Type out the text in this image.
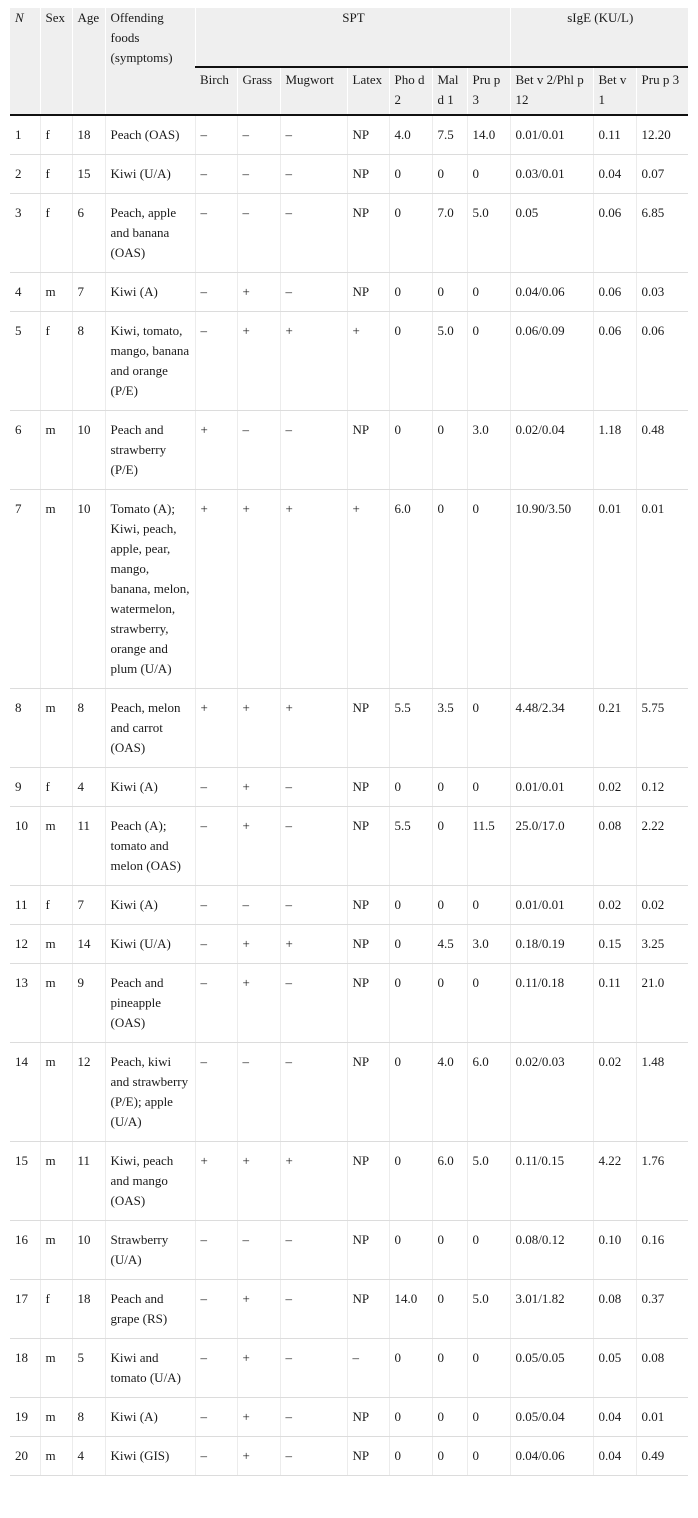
N	Sex	Age	Offending foods (symptoms)	SPT							sIgE (KU/L)		
				Birch	Grass	Mugwort	Latex	Pho d 2	Mal d 1	Pru p 3	Bet v 2/Phl p 12	Bet v 1	Pru p 3
1	f	18	Peach (OAS)	–	–	–	NP	4.0	7.5	14.0	0.01/0.01	0.11	12.20
2	f	15	Kiwi (U/A)	–	–	–	NP	0	0	0	0.03/0.01	0.04	0.07
3	f	6	Peach, apple and banana (OAS)	–	–	–	NP	0	7.0	5.0	0.05	0.06	6.85
4	m	7	Kiwi (A)	–	+	–	NP	0	0	0	0.04/0.06	0.06	0.03
5	f	8	Kiwi, tomato, mango, banana and orange (P/E)	–	+	+	+	0	5.0	0	0.06/0.09	0.06	0.06
6	m	10	Peach and strawberry (P/E)	+	–	–	NP	0	0	3.0	0.02/0.04	1.18	0.48
7	m	10	Tomato (A); Kiwi, peach, apple, pear, mango, banana, melon, watermelon, strawberry, orange and plum (U/A)	+	+	+	+	6.0	0	0	10.90/3.50	0.01	0.01
8	m	8	Peach, melon and carrot (OAS)	+	+	+	NP	5.5	3.5	0	4.48/2.34	0.21	5.75
9	f	4	Kiwi (A)	–	+	–	NP	0	0	0	0.01/0.01	0.02	0.12
10	m	11	Peach (A); tomato and melon (OAS)	–	+	–	NP	5.5	0	11.5	25.0/17.0	0.08	2.22
11	f	7	Kiwi (A)	–	–	–	NP	0	0	0	0.01/0.01	0.02	0.02
12	m	14	Kiwi (U/A)	–	+	+	NP	0	4.5	3.0	0.18/0.19	0.15	3.25
13	m	9	Peach and pineapple (OAS)	–	+	–	NP	0	0	0	0.11/0.18	0.11	21.0
14	m	12	Peach, kiwi and strawberry (P/E); apple (U/A)	–	–	–	NP	0	4.0	6.0	0.02/0.03	0.02	1.48
15	m	11	Kiwi, peach and mango (OAS)	+	+	+	NP	0	6.0	5.0	0.11/0.15	4.22	1.76
16	m	10	Strawberry (U/A)	–	–	–	NP	0	0	0	0.08/0.12	0.10	0.16
17	f	18	Peach and grape (RS)	–	+	–	NP	14.0	0	5.0	3.01/1.82	0.08	0.37
18	m	5	Kiwi and tomato (U/A)	–	+	–	–	0	0	0	0.05/0.05	0.05	0.08
19	m	8	Kiwi (A)	–	+	–	NP	0	0	0	0.05/0.04	0.04	0.01
20	m	4	Kiwi (GIS)	–	+	–	NP	0	0	0	0.04/0.06	0.04	0.49
